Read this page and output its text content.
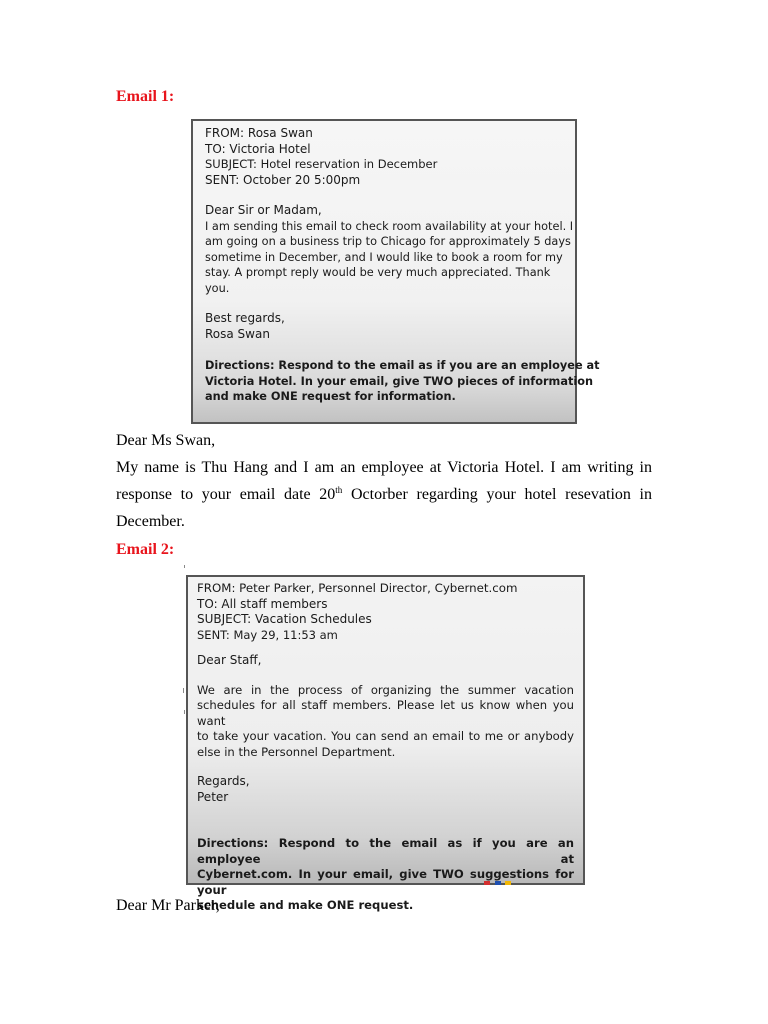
Email 1:
FROM: Rosa Swan
TO: Victoria Hotel
SUBJECT: Hotel reservation in December
SENT: October 20 5:00pm
Dear Sir or Madam,
I am sending this email to check room availability at your hotel. I
am going on a business trip to Chicago for approximately 5 days
sometime in December, and I would like to book a room for my
stay. A prompt reply would be very much appreciated. Thank
you.
Best regards,
Rosa Swan
Directions: Respond to the email as if you are an employee at
Victoria Hotel. In your email, give TWO pieces of information
and make ONE request for information.
Dear Ms Swan,
My name is Thu Hang and I am an employee at Victoria Hotel. I am writing in
response to your email date 20th Octorber regarding your hotel resevation in
December.
Email 2:
FROM: Peter Parker, Personnel Director, Cybernet.com
TO: All staff members
SUBJECT: Vacation Schedules
SENT: May 29, 11:53 am
Dear Staff,
We are in the process of organizing the summer vacation
schedules for all staff members. Please let us know when you want
to take your vacation. You can send an email to me or anybody
else in the Personnel Department.
Regards,
Peter
Directions: Respond to the email as if you are an employee at
Cybernet.com. In your email, give TWO suggestions for your
schedule and make ONE request.
Dear Mr Parker,
